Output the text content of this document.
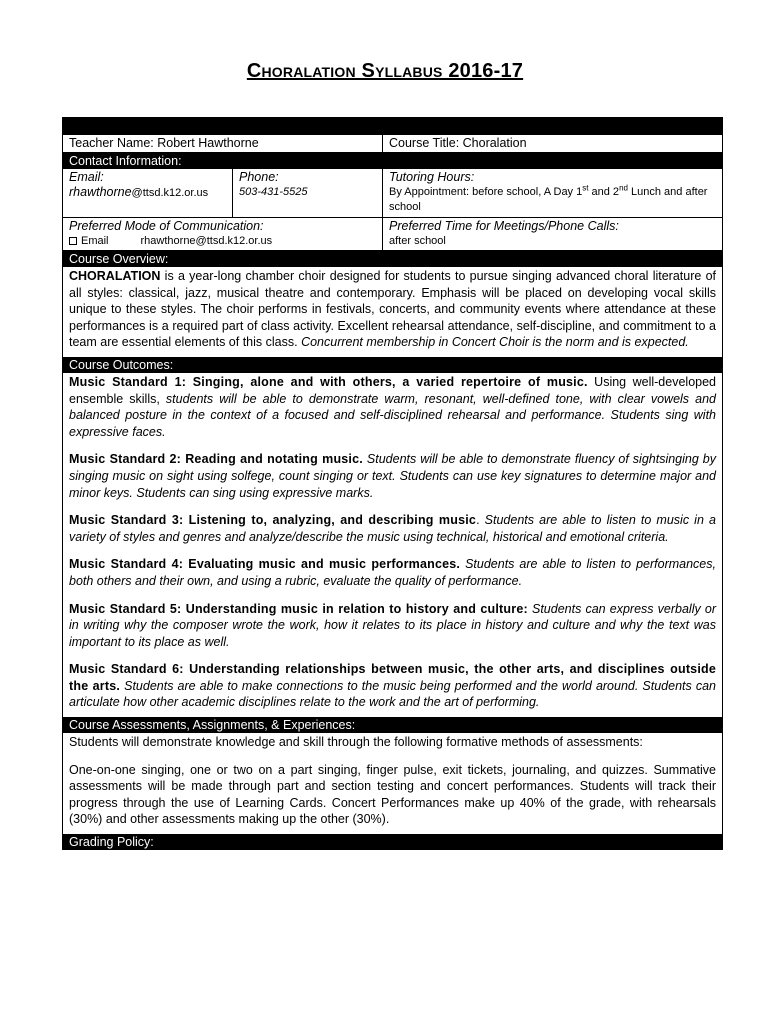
Choralation Syllabus 2016-17
Teacher Name: Robert Hawthorne	Course Title: Choralation
Contact Information:
Email:
rhawthorne@ttsd.k12.or.us
Phone:
503-431-5525
Tutoring Hours:
By Appointment: before school, A Day 1st and 2nd Lunch and after school
Preferred Mode of Communication:
Email	rhawthorne@ttsd.k12.or.us
Preferred Time for Meetings/Phone Calls:
after school
Course Overview:
CHORALATION is a year-long chamber choir designed for students to pursue singing advanced choral literature of all styles: classical, jazz, musical theatre and contemporary. Emphasis will be placed on developing vocal skills unique to these styles. The choir performs in festivals, concerts, and community events where attendance at these performances is a required part of class activity. Excellent rehearsal attendance, self-discipline, and commitment to a team are essential elements of this class. Concurrent membership in Concert Choir is the norm and is expected.
Course Outcomes:

Music Standard 1: Singing, alone and with others, a varied repertoire of music. Using well-developed ensemble skills, students will be able to demonstrate warm, resonant, well-defined tone, with clear vowels and balanced posture in the context of a focused and self-disciplined rehearsal and performance. Students sing with expressive faces.

Music Standard 2: Reading and notating music. Students will be able to demonstrate fluency of sightsinging by singing music on sight using solfege, count singing or text. Students can use key signatures to determine major and minor keys. Students can sing using expressive marks.

Music Standard 3: Listening to, analyzing, and describing music. Students are able to listen to music in a variety of styles and genres and analyze/describe the music using technical, historical and emotional criteria.

Music Standard 4: Evaluating music and music performances. Students are able to listen to performances, both others and their own, and using a rubric, evaluate the quality of performance.

Music Standard 5: Understanding music in relation to history and culture: Students can express verbally or in writing why the composer wrote the work, how it relates to its place in history and culture and why the text was important to its place as well.

Music Standard 6: Understanding relationships between music, the other arts, and disciplines outside the arts. Students are able to make connections to the music being performed and the world around. Students can articulate how other academic disciplines relate to the work and the art of performing.

Course Assessments, Assignments, & Experiences:

Students will demonstrate knowledge and skill through the following formative methods of assessments:

One-on-one singing, one or two on a part singing, finger pulse, exit tickets, journaling, and quizzes. Summative assessments will be made through part and section testing and concert performances. Students will track their progress through the use of Learning Cards. Concert Performances make up 40% of the grade, with rehearsals (30%) and other assessments making up the other (30%).

Grading Policy:
